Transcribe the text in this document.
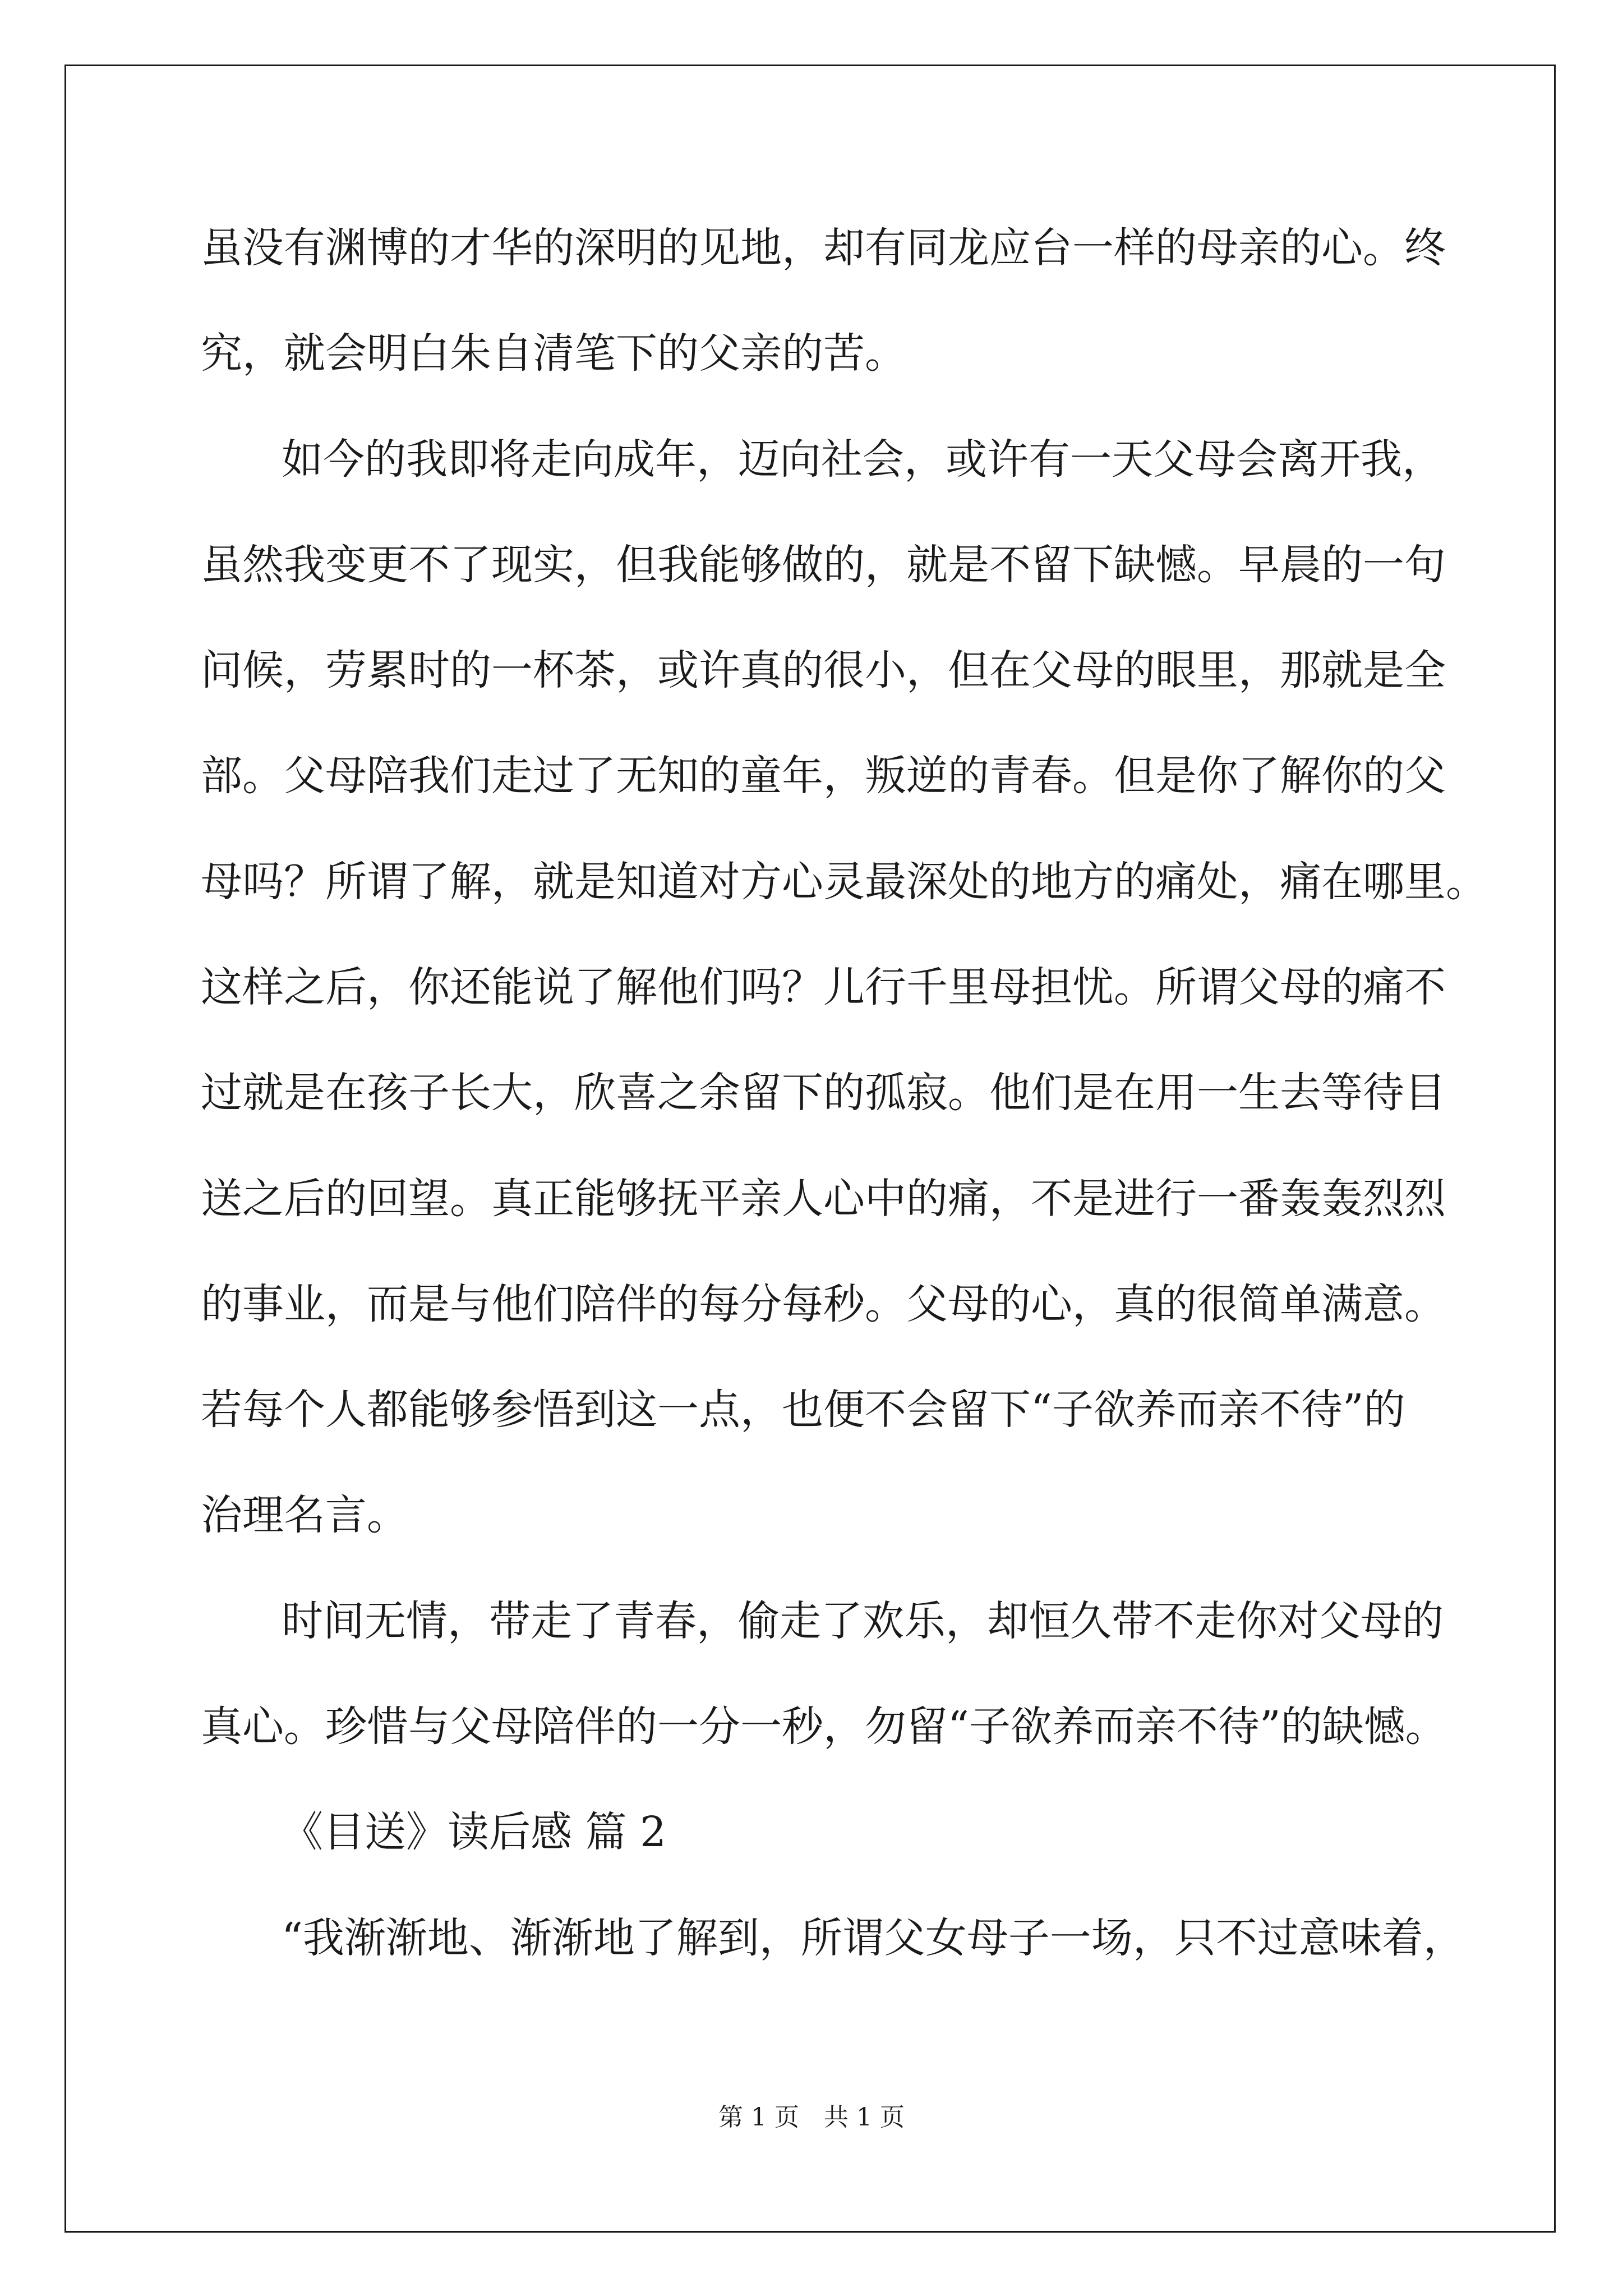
虽没有渊博的才华的深明的见地，却有同龙应台一样的母亲的心。终
究，就会明白朱自清笔下的父亲的苦。
如今的我即将走向成年，迈向社会，或许有一天父母会离开我，
虽然我变更不了现实，但我能够做的，就是不留下缺憾。早晨的一句
问候，劳累时的一杯茶，或许真的很小，但在父母的眼里，那就是全
部。父母陪我们走过了无知的童年，叛逆的青春。但是你了解你的父
母吗？所谓了解，就是知道对方心灵最深处的地方的痛处，痛在哪里。
这样之后，你还能说了解他们吗？儿行千里母担忧。所谓父母的痛不
过就是在孩子长大，欣喜之余留下的孤寂。他们是在用一生去等待目
送之后的回望。真正能够抚平亲人心中的痛，不是进行一番轰轰烈烈
的事业，而是与他们陪伴的每分每秒。父母的心，真的很简单满意。
若每个人都能够参悟到这一点，也便不会留下“子欲养而亲不待”的
治理名言。
时间无情，带走了青春，偷走了欢乐，却恒久带不走你对父母的
真心。珍惜与父母陪伴的一分一秒，勿留“子欲养而亲不待”的缺憾。
《目送》读后感 篇 2
“我渐渐地、渐渐地了解到，所谓父女母子一场，只不过意味着，
第 1 页　共 1 页
